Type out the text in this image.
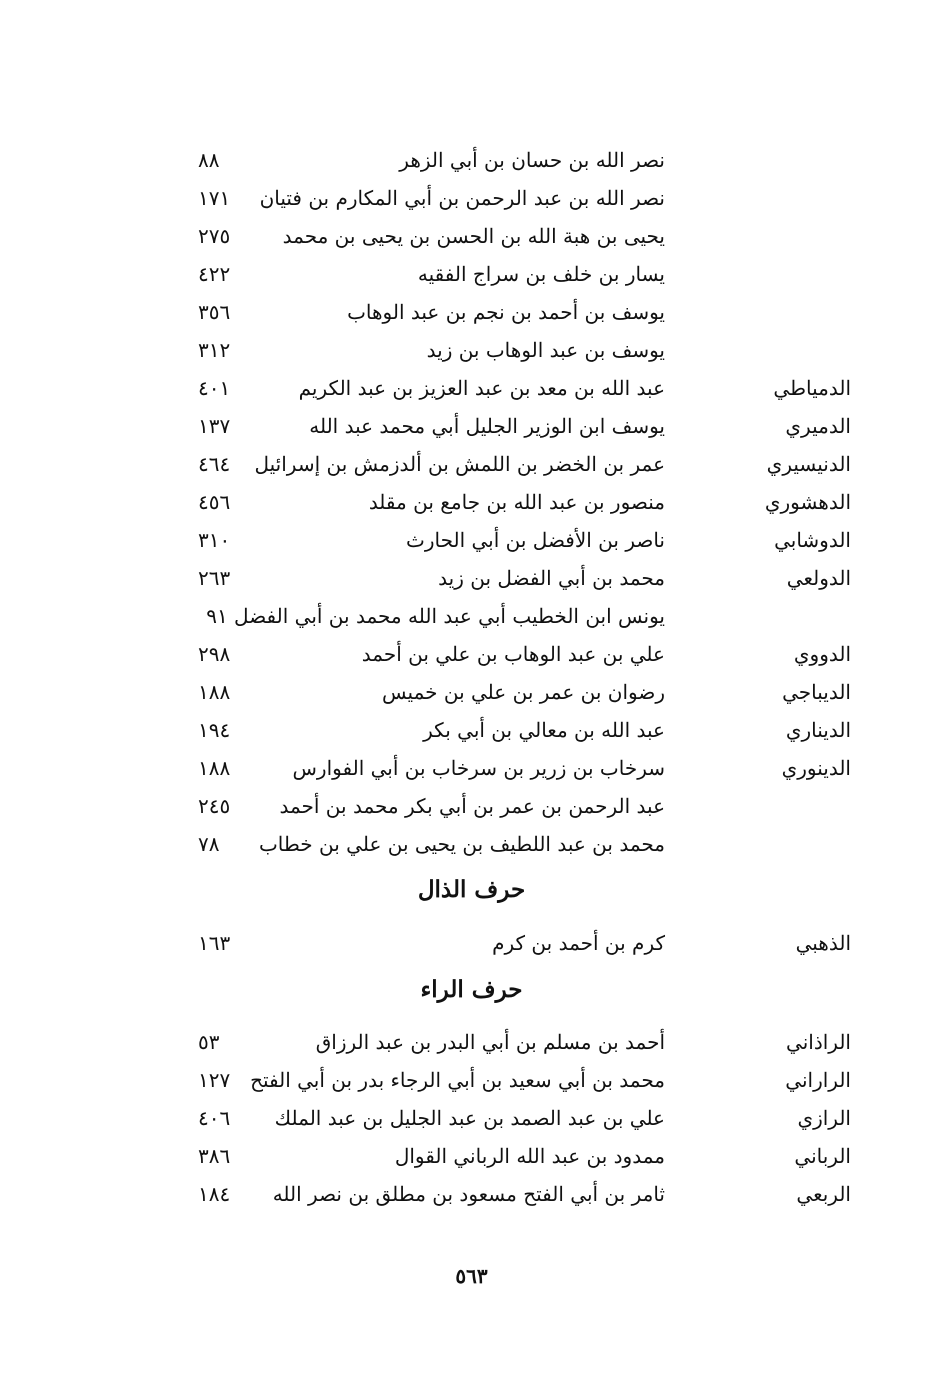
نصر الله بن حسان بن أبي الزهر
٨٨
نصر الله بن عبد الرحمن بن أبي المكارم بن فتيان
١٧١
يحيى بن هبة الله بن الحسن بن يحيى بن محمد
٢٧٥
يسار بن خلف بن سراج الفقيه
٤٢٢
يوسف بن أحمد بن نجم بن عبد الوهاب
٣٥٦
يوسف بن عبد الوهاب بن زيد
٣١٢
الدمياطي
عبد الله بن معد بن عبد العزيز بن عبد الكريم
٤٠١
الدميري
يوسف ابن الوزير الجليل أبي محمد عبد الله
١٣٧
الدنيسيري
عمر بن الخضر بن اللمش بن ألدزمش بن إسرائيل
٤٦٤
الدهشوري
منصور بن عبد الله بن جامع بن مقلد
٤٥٦
الدوشابي
ناصر بن الأفضل بن أبي الحارث
٣١٠
الدولعي
محمد بن أبي الفضل بن زيد
٢٦٣
يونس ابن الخطيب أبي عبد الله محمد بن أبي الفضل ٩١
الدووي
علي بن عبد الوهاب بن علي بن أحمد
٢٩٨
الديباجي
رضوان بن عمر بن علي بن خميس
١٨٨
الديناري
عبد الله بن معالي بن أبي بكر
١٩٤
الدينوري
سرخاب بن زرير بن سرخاب بن أبي الفوارس
١٨٨
عبد الرحمن بن عمر بن أبي بكر محمد بن أحمد
٢٤٥
محمد بن عبد اللطيف بن يحيى بن علي بن خطاب
٧٨
حرف الذال
الذهبي
كرم بن أحمد بن كرم
١٦٣
حرف الراء
الراذاني
أحمد بن مسلم بن أبي البدر بن عبد الرزاق
٥٣
الراراني
محمد بن أبي سعيد بن أبي الرجاء بدر بن أبي الفتح
١٢٧
الرازي
علي بن عبد الصمد بن عبد الجليل بن عبد الملك
٤٠٦
الرباني
ممدود بن عبد الله الرباني القوال
٣٨٦
الربعي
ثامر بن أبي الفتح مسعود بن مطلق بن نصر الله
١٨٤
٥٦٣
